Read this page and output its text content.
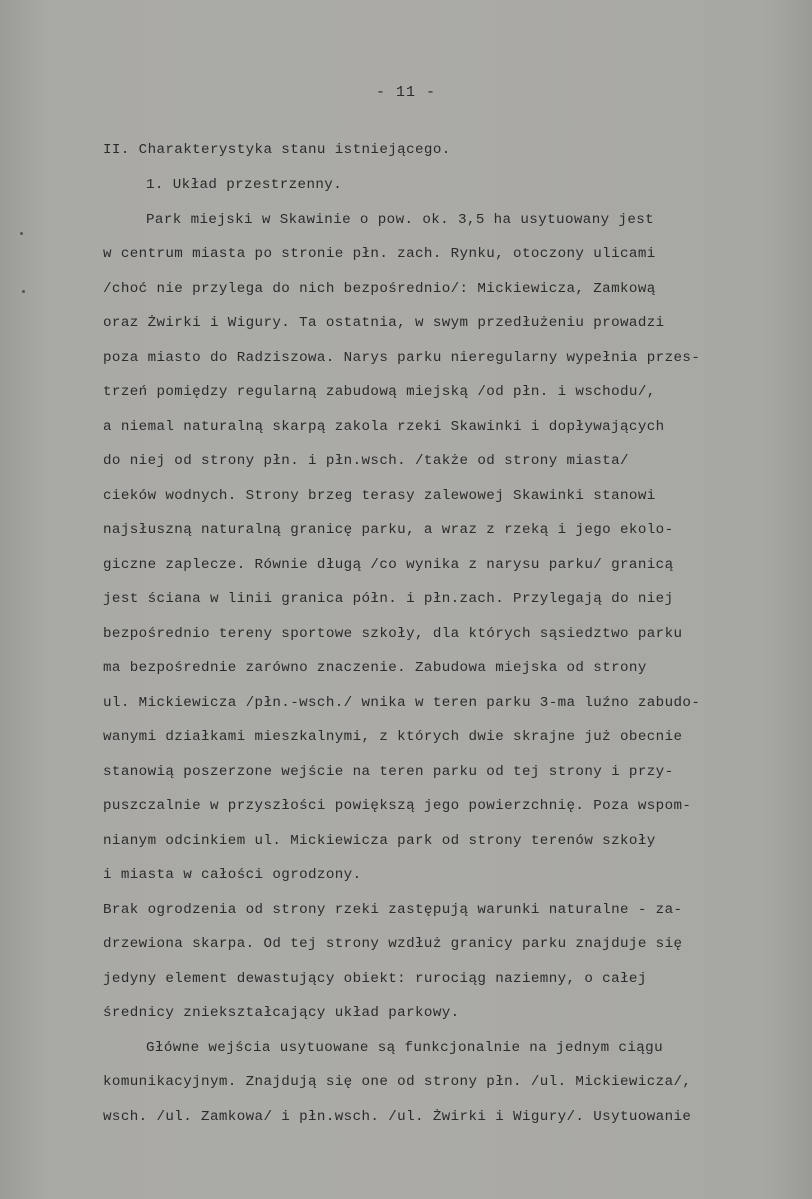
- 11 -
II. Charakterystyka stanu istniejącego.
1. Układ przestrzenny.
Park miejski w Skawinie o pow. ok. 3,5 ha usytuowany jest
w centrum miasta po stronie płn. zach. Rynku, otoczony ulicami
/choć nie przylega do nich bezpośrednio/: Mickiewicza, Zamkową
oraz Żwirki i Wigury. Ta ostatnia, w swym przedłużeniu prowadzi
poza miasto do Radziszowa. Narys parku nieregularny wypełnia przes-
trzeń pomiędzy regularną zabudową miejską /od płn. i wschodu/,
a niemal naturalną skarpą zakola rzeki Skawinki i dopływających
do niej od strony płn. i płn.wsch. /także od strony miasta/
cieków wodnych. Strony brzeg terasy zalewowej Skawinki stanowi
najsłuszną naturalną granicę parku, a wraz z rzeką i jego ekolo-
giczne zaplecze. Równie długą /co wynika z narysu parku/ granicą
jest ściana w linii granica półn. i płn.zach. Przylegają do niej
bezpośrednio tereny sportowe szkoły, dla których sąsiedztwo parku
ma bezpośrednie zarówno znaczenie. Zabudowa miejska od strony
ul. Mickiewicza /płn.-wsch./ wnika w teren parku 3-ma luźno zabudo-
wanymi działkami mieszkalnymi, z których dwie skrajne już obecnie
stanowią poszerzone wejście na teren parku od tej strony i przy-
puszczalnie w przyszłości powiększą jego powierzchnię. Poza wspom-
nianym odcinkiem ul. Mickiewicza park od strony terenów szkoły
i miasta w całości ogrodzony.
Brak ogrodzenia od strony rzeki zastępują warunki naturalne - za-
drzewiona skarpa. Od tej strony wzdłuż granicy parku znajduje się
jedyny element dewastujący obiekt: rurociąg naziemny, o całej
średnicy zniekształcający układ parkowy.
Główne wejścia usytuowane są funkcjonalnie na jednym ciągu
komunikacyjnym. Znajdują się one od strony płn. /ul. Mickiewicza/,
wsch. /ul. Zamkowa/ i płn.wsch. /ul. Żwirki i Wigury/. Usytuowanie
